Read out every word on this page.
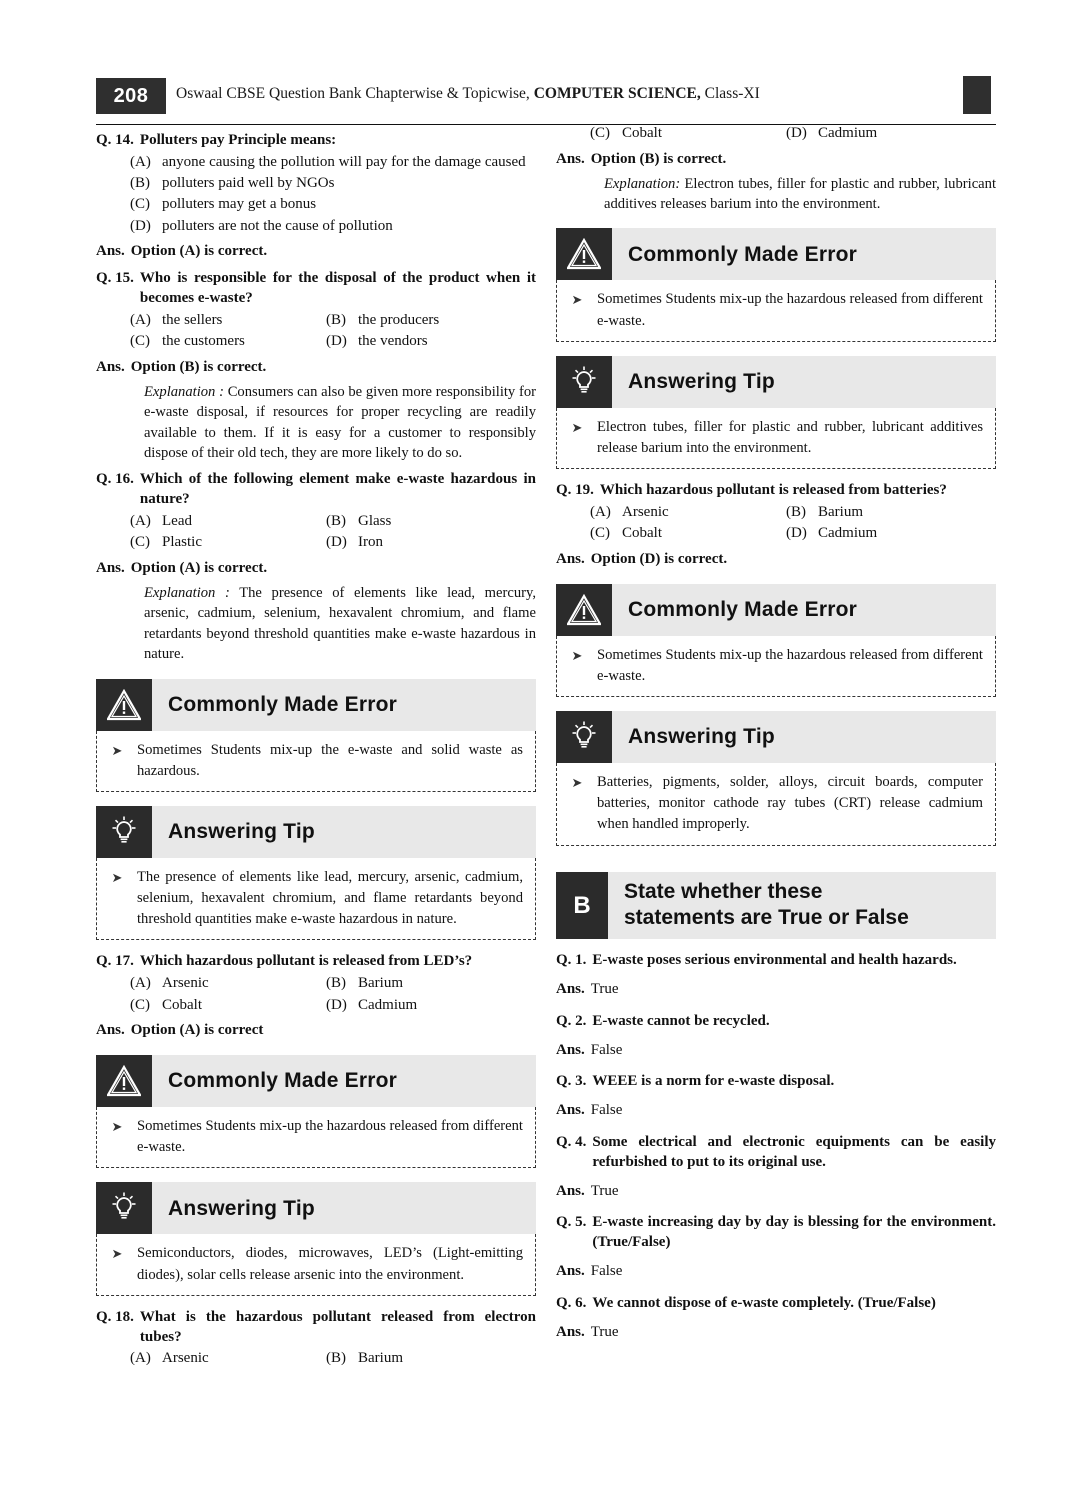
208	Oswaal CBSE Question Bank Chapterwise & Topicwise, COMPUTER SCIENCE, Class-XI
Q. 14. Polluters pay Principle means:
(A) anyone causing the pollution will pay for the damage caused
(B) polluters paid well by NGOs
(C) polluters may get a bonus
(D) polluters are not the cause of pollution
Ans. Option (A) is correct.
Q. 15. Who is responsible for the disposal of the product when it becomes e-waste?
(A) the sellers	(B) the producers
(C) the customers	(D) the vendors
Ans. Option (B) is correct.
Explanation : Consumers can also be given more responsibility for e-waste disposal, if resources for proper recycling are readily available to them. If it is easy for a customer to responsibly dispose of their old tech, they are more likely to do so.
Q. 16. Which of the following element make e-waste hazardous in nature?
(A) Lead	(B) Glass
(C) Plastic	(D) Iron
Ans. Option (A) is correct.
Explanation : The presence of elements like lead, mercury, arsenic, cadmium, selenium, hexavalent chromium, and flame retardants beyond threshold quantities make e-waste hazardous in nature.
Commonly Made Error
➤ Sometimes Students mix-up the e-waste and solid waste as hazardous.
Answering Tip
➤ The presence of elements like lead, mercury, arsenic, cadmium, selenium, hexavalent chromium, and flame retardants beyond threshold quantities make e-waste hazardous in nature.
Q. 17. Which hazardous pollutant is released from LED’s?
(A) Arsenic	(B) Barium
(C) Cobalt	(D) Cadmium
Ans. Option (A) is correct
Commonly Made Error
➤ Sometimes Students mix-up the hazardous released from different e-waste.
Answering Tip
➤ Semiconductors, diodes, microwaves, LED’s (Light-emitting diodes), solar cells release arsenic into the environment.
Q. 18. What is the hazardous pollutant released from electron tubes?
(A) Arsenic	(B) Barium
(C) Cobalt	(D) Cadmium
Ans. Option (B) is correct.
Explanation: Electron tubes, filler for plastic and rubber, lubricant additives releases barium into the environment.
Commonly Made Error
➤ Sometimes Students mix-up the hazardous released from different e-waste.
Answering Tip
➤ Electron tubes, filler for plastic and rubber, lubricant additives release barium into the environment.
Q. 19. Which hazardous pollutant is released from batteries?
(A) Arsenic	(B) Barium
(C) Cobalt	(D) Cadmium
Ans. Option (D) is correct.
Commonly Made Error
➤ Sometimes Students mix-up the hazardous released from different e-waste.
Answering Tip
➤ Batteries, pigments, solder, alloys, circuit boards, computer batteries, monitor cathode ray tubes (CRT) release cadmium when handled improperly.
B
State whether these
statements are True or False
Q. 1. E-waste poses serious environmental and health hazards.
Ans. True
Q. 2. E-waste cannot be recycled.
Ans. False
Q. 3. WEEE is a norm for e-waste disposal.
Ans. False
Q. 4. Some electrical and electronic equipments can be easily refurbished to put to its original use.
Ans. True
Q. 5. E-waste increasing day by day is blessing for the environment.(True/False)
Ans. False
Q. 6. We cannot dispose of e-waste completely. (True/False)
Ans. True
